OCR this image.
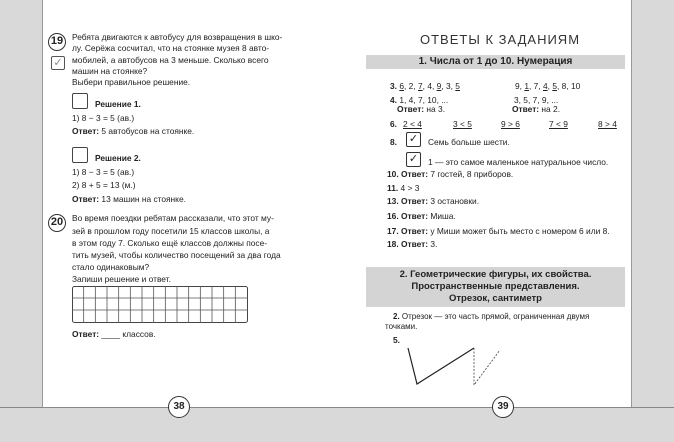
19
✓
Выбери правильное решение.
Решение 1.
1) 8 − 3 = 5 (ав.)
Ответ: 5 автобусов на стоянке.
Решение 2.
1) 8 − 3 = 5 (ав.)
2) 8 + 5 = 13 (м.)
Ответ: 13 машин на стоянке.
20
Запиши решение и ответ.
Ответ: ____ классов.
38
ОТВЕТЫ К ЗАДАНИЯМ
1. Числа от 1 до 10. Нумерация
3. 6, 2, 7, 4, 9, 3, 5	9, 1, 7, 4, 5, 8, 10
4. 1, 4, 7, 10, ...	3, 5, 7, 9, ...
Ответ: на 3.	Ответ: на 2.
6. 2 < 4	3 < 5	9 > 6	7 < 9	8 > 4
8. ✓	Семь больше шести.
✓	1 — это самое маленькое натуральное число.
2. Геометрические фигуры, их свойства.
Пространственные представления.
Отрезок, сантиметр
2. Отрезок — это часть прямой, ограниченная двумя
точками.
5.
39
Ребята двигаются к автобусу для возвращения в шко-
лу. Серёжа сосчитал, что на стоянке музея 8 авто-
мобилей, а автобусов на 3 меньше. Сколько всего
машин на стоянке?
Во время поездки ребятам рассказали, что этот му-
зей в прошлом году посетили 15 классов школы, а
в этом году 7. Сколько ещё классов должны посе-
тить музей, чтобы количество посещений за два года
стало одинаковым?
10. Ответ: 7 гостей, 8 приборов.
11. 4 > 3
13. Ответ: 3 остановки.
16. Ответ: Миша.
17. Ответ: у Миши может быть место с номером 6 или 8.
18. Ответ: 3.
